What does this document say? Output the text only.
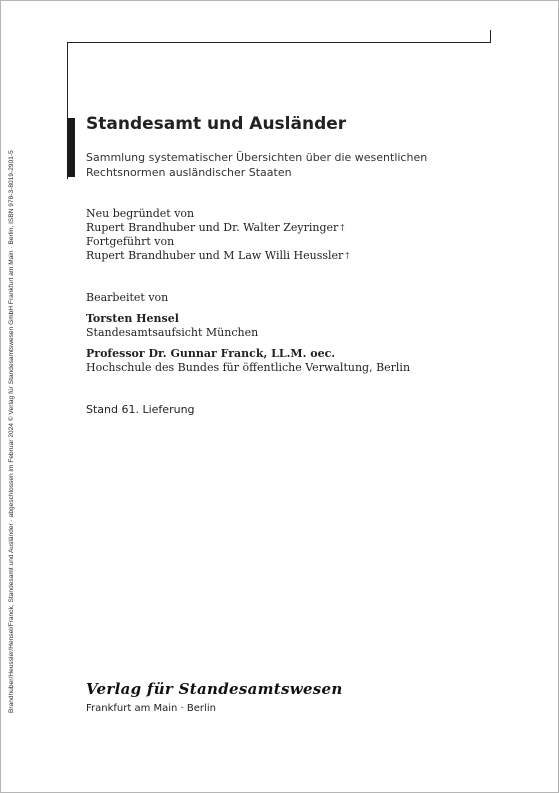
Brandhuber/Heussler/Hensel/Franck, Standesamt und Ausländer · abgeschlossen im Februar 2024 © Verlag für Standesamtswesen GmbH Frankfurt am Main · Berlin, ISBN 978-3-8019-2901-5
Standesamt und Ausländer
Sammlung systematischer Übersichten über die wesentlichen Rechtsnormen ausländischer Staaten
Neu begründet von
Rupert Brandhuber und Dr. Walter Zeyringer †
Fortgeführt von
Rupert Brandhuber und M Law Willi Heussler †
Bearbeitet von
Torsten Hensel
Standesamtsaufsicht München
Professor Dr. Gunnar Franck, LL.M. oec.
Hochschule des Bundes für öffentliche Verwaltung, Berlin
Stand 61. Lieferung
Verlag für Standesamtswesen
Frankfurt am Main · Berlin
